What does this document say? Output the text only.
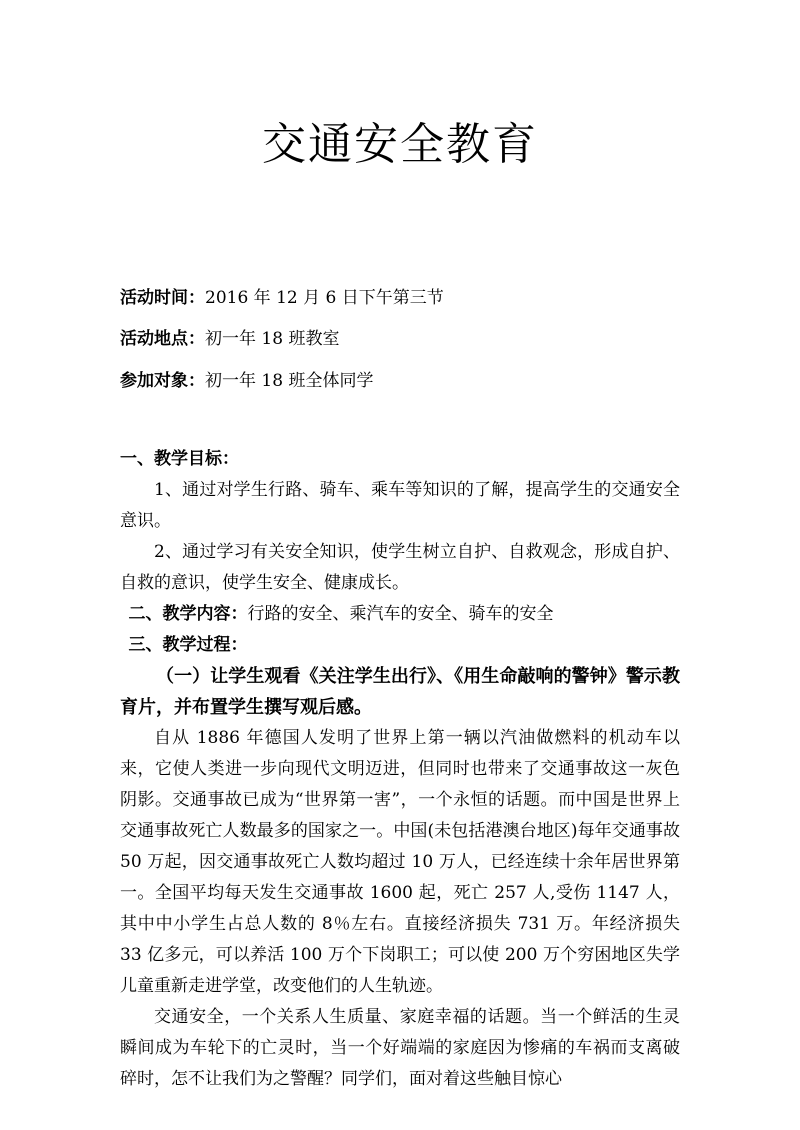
交通安全教育
活动时间：2016 年 12 月 6 日下午第三节
活动地点：初一年 18 班教室
参加对象：初一年 18 班全体同学

一、教学目标：

1、通过对学生行路、骑车、乘车等知识的了解，提高学生的交通安全意识。

2、通过学习有关安全知识，使学生树立自护、自救观念，形成自护、自救的意识，使学生安全、健康成长。

二、教学内容：行路的安全、乘汽车的安全、骑车的安全

三、教学过程：

（一）让学生观看《关注学生出行》、《用生命敲响的警钟》警示教育片，并布置学生撰写观后感。

自从 1886 年德国人发明了世界上第一辆以汽油做燃料的机动车以来，它使人类进一步向现代文明迈进，但同时也带来了交通事故这一灰色阴影。交通事故已成为“世界第一害”，一个永恒的话题。而中国是世界上交通事故死亡人数最多的国家之一。中国(未包括港澳台地区)每年交通事故 50 万起，因交通事故死亡人数均超过 10 万人，已经连续十余年居世界第一。全国平均每天发生交通事故 1600 起，死亡 257 人,受伤 1147 人，其中中小学生占总人数的 8％左右。直接经济损失 731 万。年经济损失 33 亿多元，可以养活 100 万个下岗职工；可以使 200 万个穷困地区失学儿童重新走进学堂，改变他们的人生轨迹。

交通安全，一个关系人生质量、家庭幸福的话题。当一个鲜活的生灵瞬间成为车轮下的亡灵时，当一个好端端的家庭因为惨痛的车祸而支离破碎时，怎不让我们为之警醒？同学们，面对着这些触目惊心
